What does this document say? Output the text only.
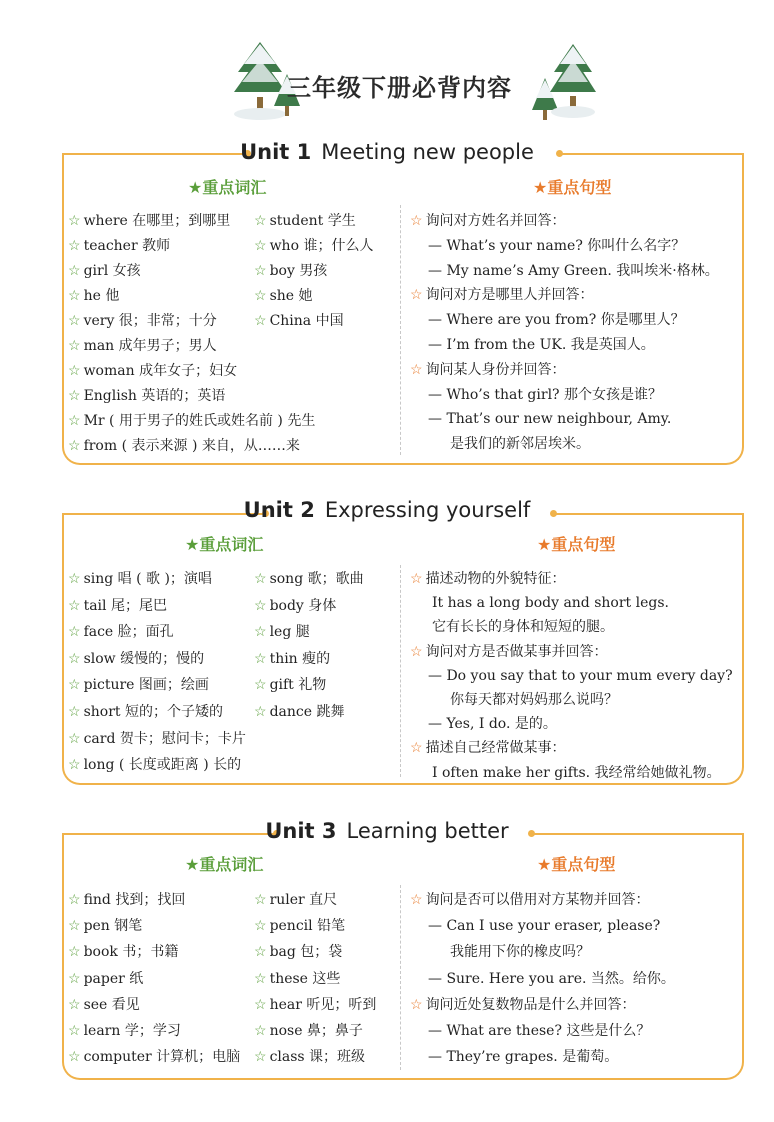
三年级下册必背内容
Unit 1 Meeting new people
★重点词汇	★重点句型
☆ where 在哪里；到哪里
☆ teacher 教师
☆ girl 女孩
☆ he 他
☆ very 很；非常；十分
☆ man 成年男子；男人
☆ woman 成年女子；妇女
☆ English 英语的；英语
☆ Mr ( 用于男子的姓氏或姓名前 ) 先生
☆ from ( 表示来源 ) 来自，从……来
☆ student 学生
☆ who 谁；什么人
☆ boy 男孩
☆ she 她
☆ China 中国
☆ 询问对方姓名并回答：
— What’s your name? 你叫什么名字？
— My name’s Amy Green. 我叫埃米·格林。
☆ 询问对方是哪里人并回答：
— Where are you from? 你是哪里人？
— I’m from the UK. 我是英国人。
☆ 询问某人身份并回答：
— Who’s that girl? 那个女孩是谁？
— That’s our new neighbour, Amy.
是我们的新邻居埃米。
Unit 2 Expressing yourself
★重点词汇	★重点句型
☆ sing 唱 ( 歌 )；演唱
☆ tail 尾；尾巴
☆ face 脸；面孔
☆ slow 缓慢的；慢的
☆ picture 图画；绘画
☆ short 短的；个子矮的
☆ card 贺卡；慰问卡；卡片
☆ long ( 长度或距离 ) 长的
☆ song 歌；歌曲
☆ body 身体
☆ leg 腿
☆ thin 瘦的
☆ gift 礼物
☆ dance 跳舞
☆ 描述动物的外貌特征：
It has a long body and short legs.
它有长长的身体和短短的腿。
☆ 询问对方是否做某事并回答：
— Do you say that to your mum every day?
你每天都对妈妈那么说吗？
— Yes, I do. 是的。
☆ 描述自己经常做某事：
I often make her gifts. 我经常给她做礼物。
Unit 3 Learning better
★重点词汇	★重点句型
☆ find 找到；找回
☆ pen 钢笔
☆ book 书；书籍
☆ paper 纸
☆ see 看见
☆ learn 学；学习
☆ computer 计算机；电脑
☆ ruler 直尺
☆ pencil 铅笔
☆ bag 包；袋
☆ these 这些
☆ hear 听见；听到
☆ nose 鼻；鼻子
☆ class 课；班级
☆ 询问是否可以借用对方某物并回答：
— Can I use your eraser, please?
我能用下你的橡皮吗？
— Sure. Here you are. 当然。给你。
☆ 询问近处复数物品是什么并回答：
— What are these? 这些是什么？
— They’re grapes. 是葡萄。
